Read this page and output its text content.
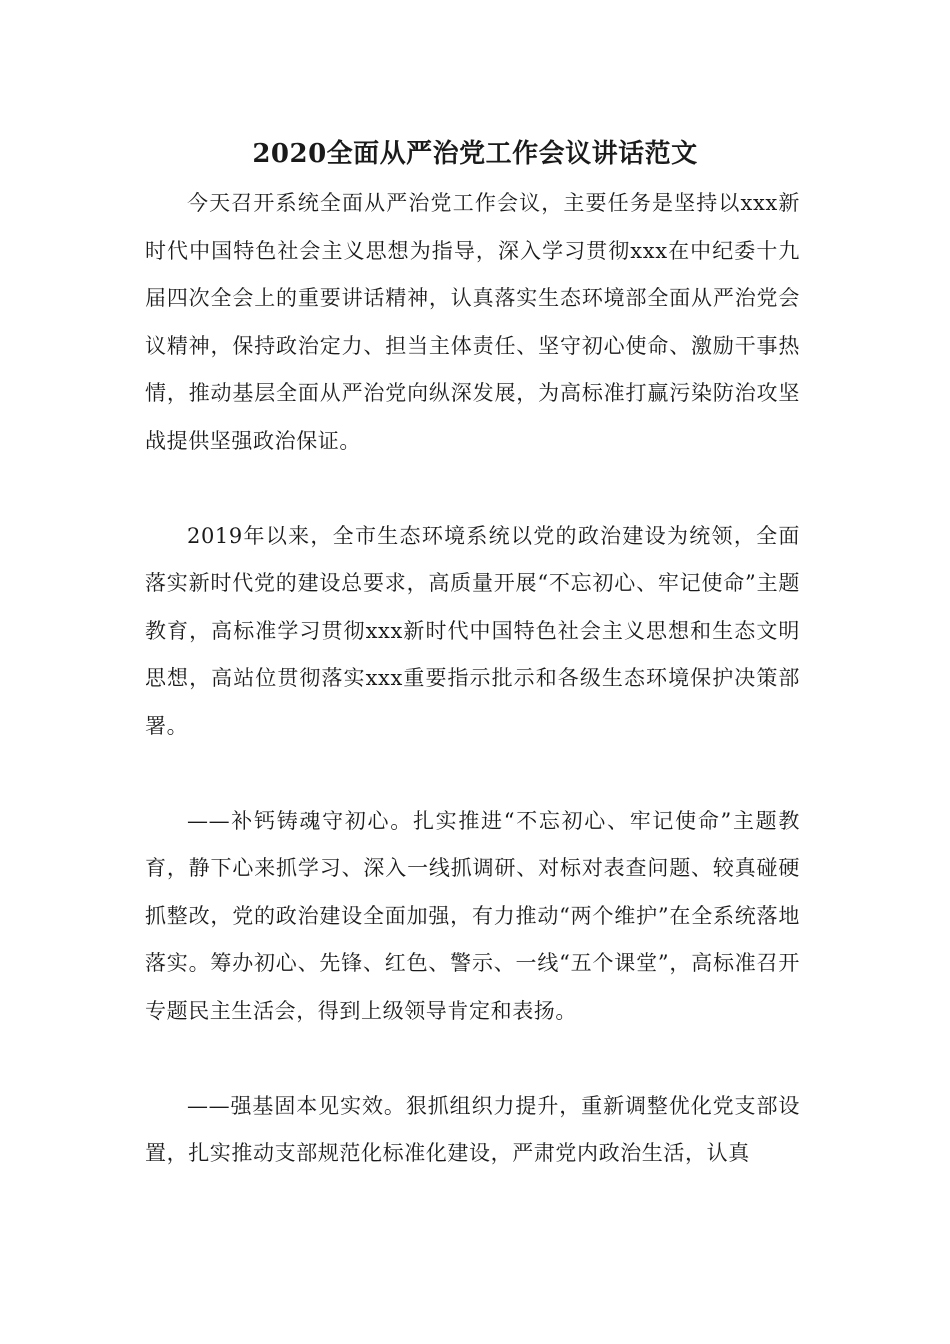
2020全面从严治党工作会议讲话范文

今天召开系统全面从严治党工作会议，主要任务是坚持以xxx新时代中国特色社会主义思想为指导，深入学习贯彻xxx在中纪委十九届四次全会上的重要讲话精神，认真落实生态环境部全面从严治党会议精神，保持政治定力、担当主体责任、坚守初心使命、激励干事热情，推动基层全面从严治党向纵深发展，为高标准打赢污染防治攻坚战提供坚强政治保证。

2019年以来，全市生态环境系统以党的政治建设为统领，全面落实新时代党的建设总要求，高质量开展“不忘初心、牢记使命”主题教育，高标准学习贯彻xxx新时代中国特色社会主义思想和生态文明思想，高站位贯彻落实xxx重要指示批示和各级生态环境保护决策部署。

——补钙铸魂守初心。扎实推进“不忘初心、牢记使命”主题教育，静下心来抓学习、深入一线抓调研、对标对表查问题、较真碰硬抓整改，党的政治建设全面加强，有力推动“两个维护”在全系统落地落实。筹办初心、先锋、红色、警示、一线“五个课堂”，高标准召开专题民主生活会，得到上级领导肯定和表扬。

——强基固本见实效。狠抓组织力提升，重新调整优化党支部设置，扎实推动支部规范化标准化建设，严肃党内政治生活，认真
